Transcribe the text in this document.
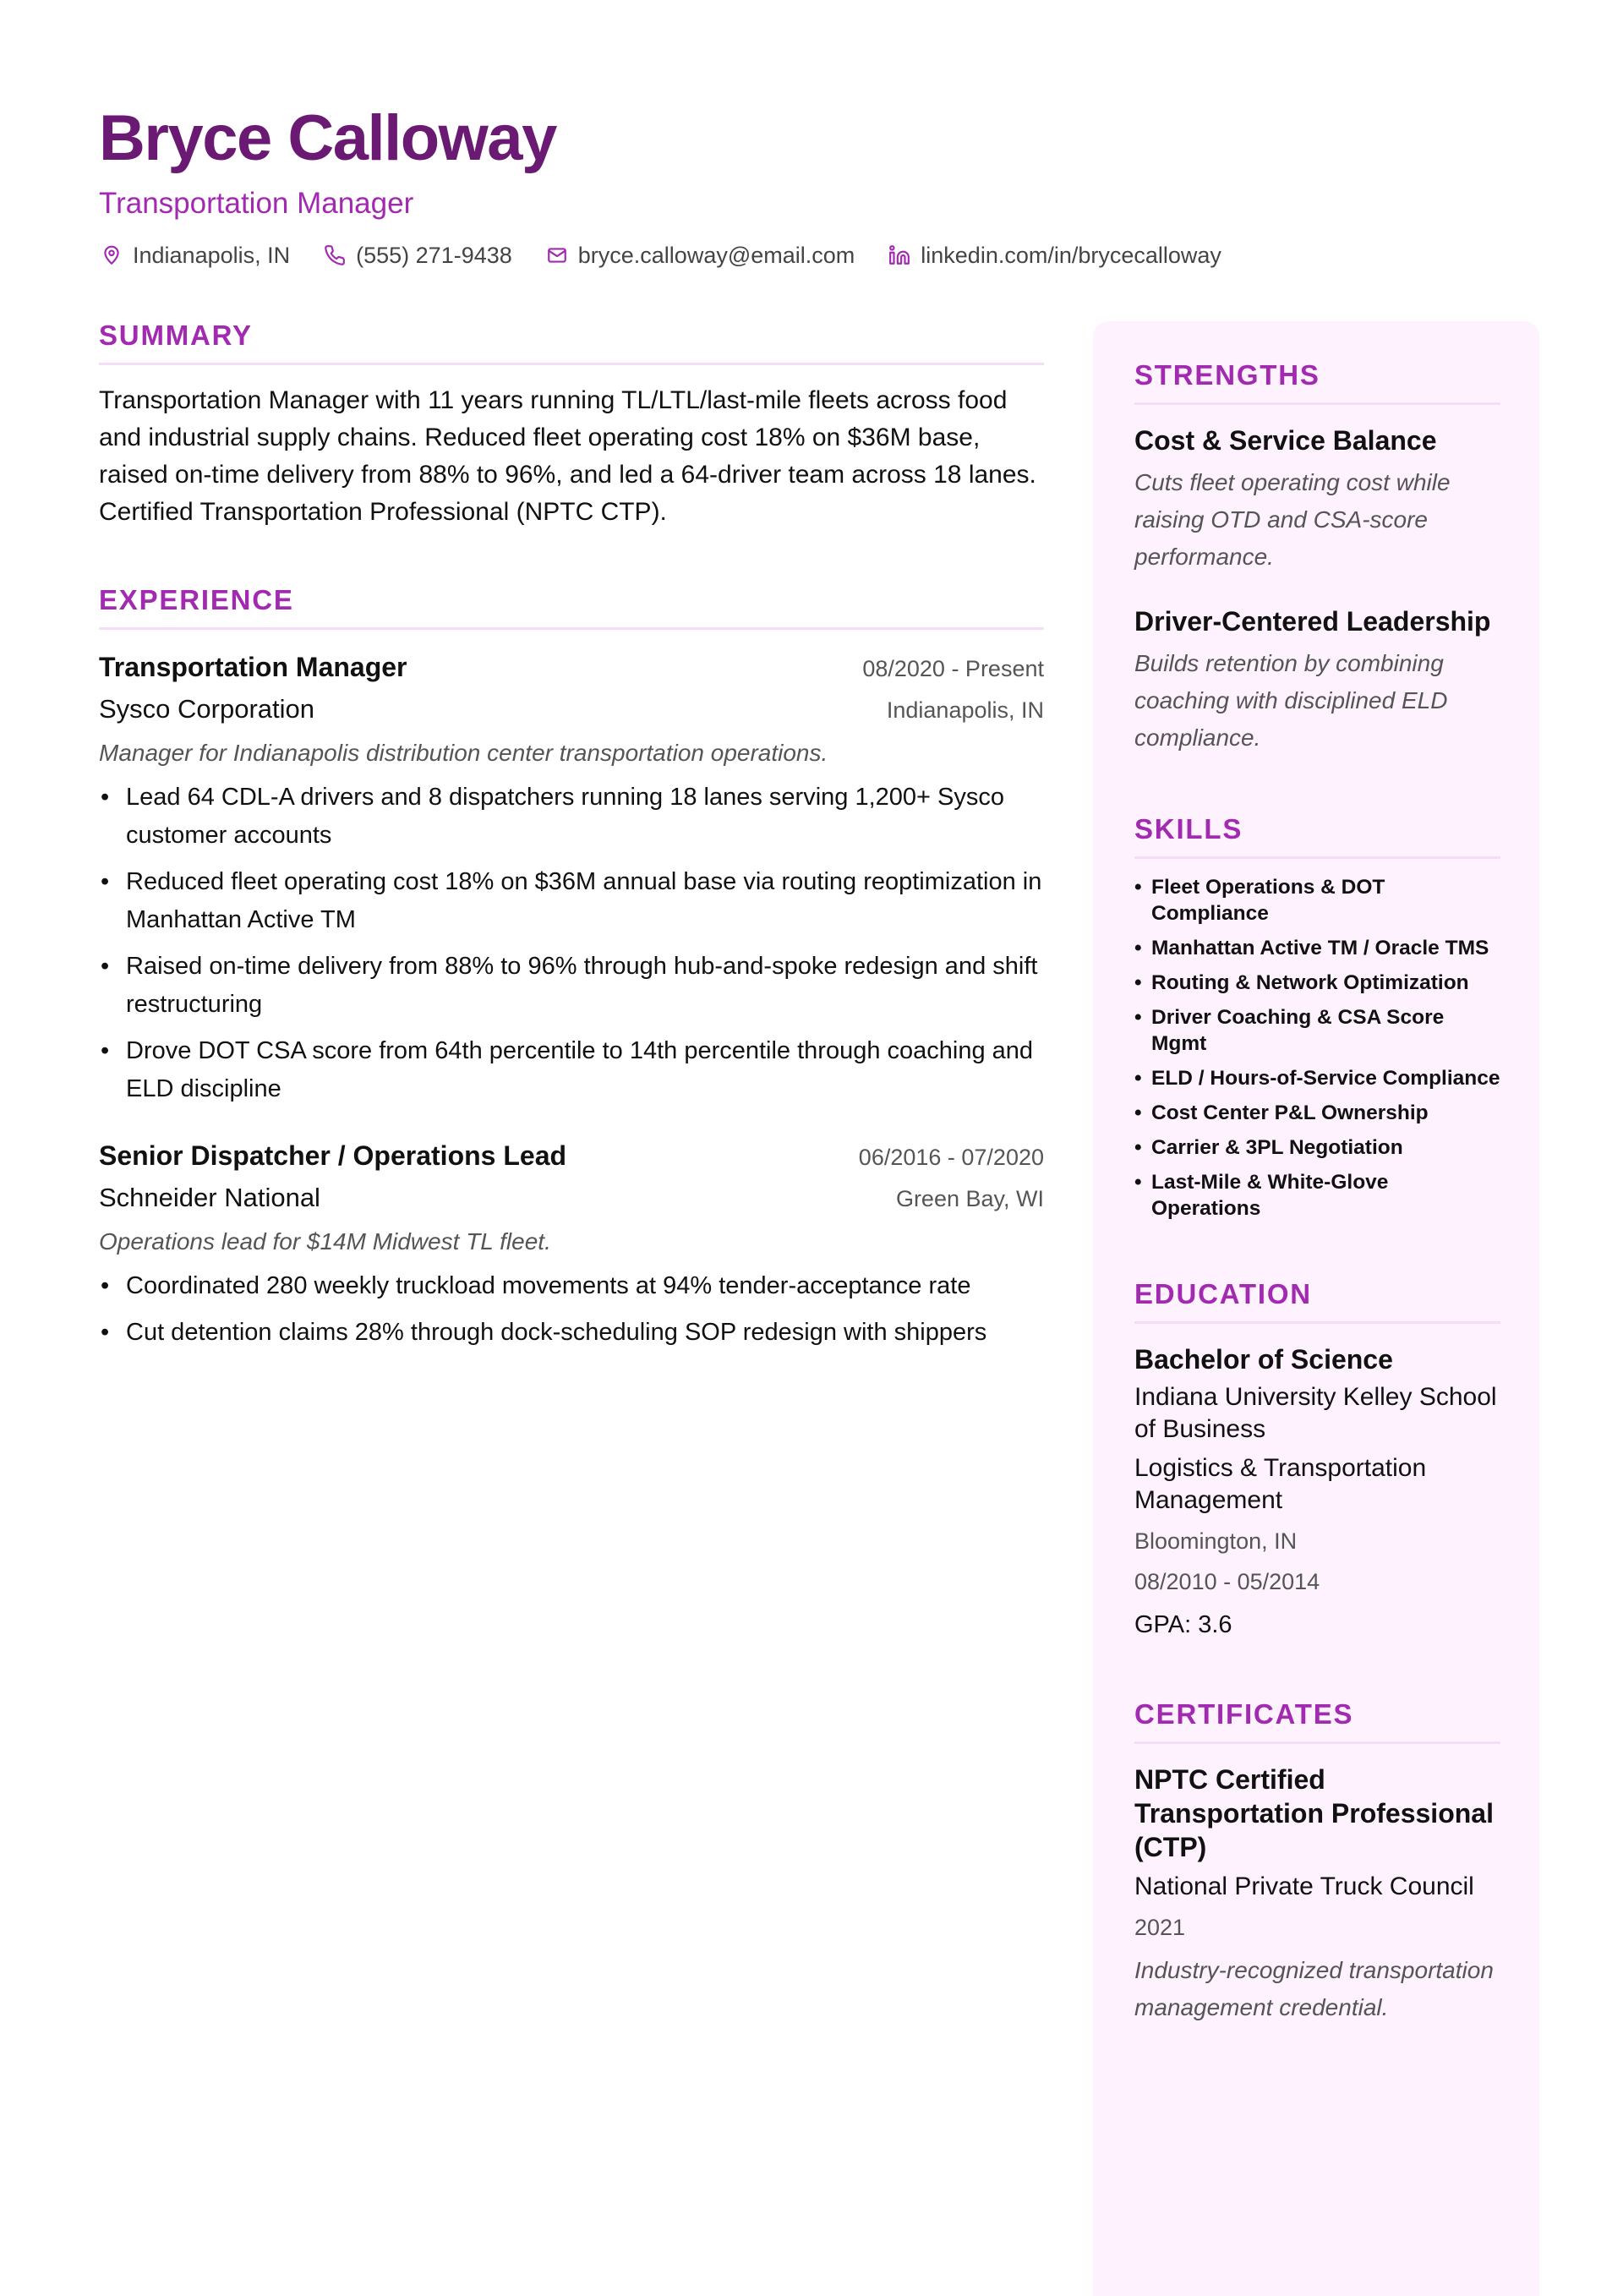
Bryce Calloway
Transportation Manager
Indianapolis, IN	(555) 271-9438	bryce.calloway@email.com	linkedin.com/in/brycecalloway
SUMMARY

Transportation Manager with 11 years running TL/LTL/last-mile fleets across food and industrial supply chains. Reduced fleet operating cost 18% on $36M base, raised on-time delivery from 88% to 96%, and led a 64-driver team across 18 lanes. Certified Transportation Professional (NPTC CTP).

EXPERIENCE
Transportation Manager	08/2020 - Present
Sysco Corporation	Indianapolis, IN
Manager for Indianapolis distribution center transportation operations.
• Lead 64 CDL-A drivers and 8 dispatchers running 18 lanes serving 1,200+ Sysco customer accounts
• Reduced fleet operating cost 18% on $36M annual base via routing reoptimization in Manhattan Active TM
• Raised on-time delivery from 88% to 96% through hub-and-spoke redesign and shift restructuring
• Drove DOT CSA score from 64th percentile to 14th percentile through coaching and ELD discipline
Senior Dispatcher / Operations Lead	06/2016 - 07/2020
Schneider National	Green Bay, WI
Operations lead for $14M Midwest TL fleet.
• Coordinated 280 weekly truckload movements at 94% tender-acceptance rate
• Cut detention claims 28% through dock-scheduling SOP redesign with shippers
STRENGTHS
Cost & Service Balance
Cuts fleet operating cost while raising OTD and CSA-score performance.
Driver-Centered Leadership
Builds retention by combining coaching with disciplined ELD compliance.
SKILLS
• Fleet Operations & DOT Compliance
• Manhattan Active TM / Oracle TMS
• Routing & Network Optimization
• Driver Coaching & CSA Score Mgmt
• ELD / Hours-of-Service Compliance
• Cost Center P&L Ownership
• Carrier & 3PL Negotiation
• Last-Mile & White-Glove Operations
EDUCATION
Bachelor of Science
Indiana University Kelley School of Business
Logistics & Transportation Management
Bloomington, IN
08/2010 - 05/2014
GPA: 3.6
CERTIFICATES
NPTC Certified Transportation Professional (CTP)
National Private Truck Council
2021
Industry-recognized transportation management credential.
